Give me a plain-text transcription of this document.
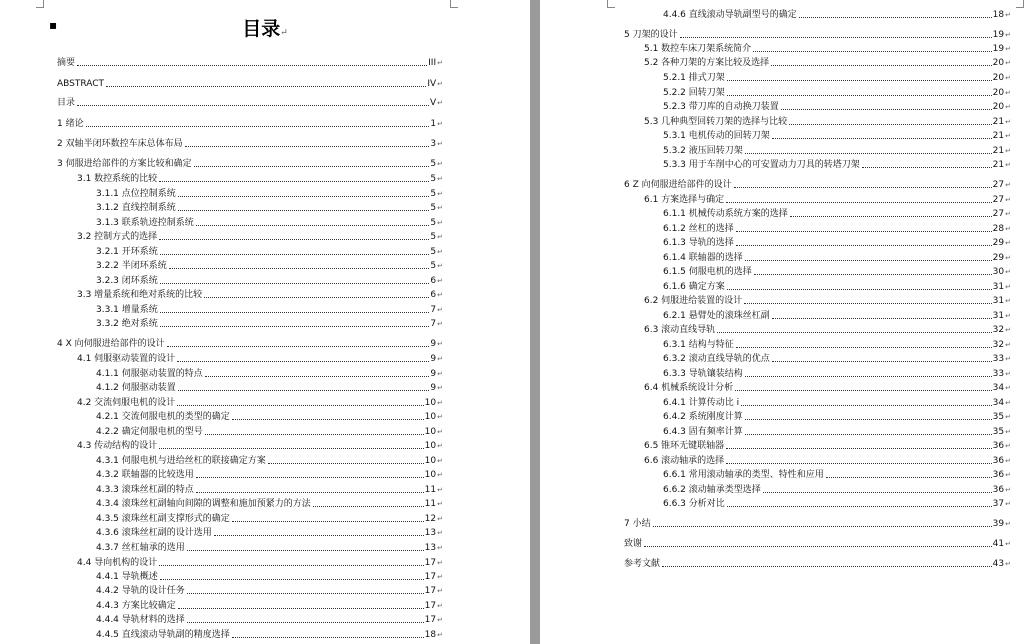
▪	目录↵
摘要	III ↵
ABSTRACT	IV ↵
目录	V ↵
1 绪论	1 ↵
2 双轴半闭环数控车床总体布局	3 ↵
3 伺服进给部件的方案比较和确定	5 ↵
3.1 数控系统的比较	5 ↵
3.1.1 点位控制系统	5 ↵
3.1.2 直线控制系统	5 ↵
3.1.3 联系轨迹控制系统	5 ↵
3.2 控制方式的选择	5 ↵
3.2.1 开环系统	5 ↵
3.2.2 半闭环系统	5 ↵
3.2.3 闭环系统	6 ↵
3.3 增量系统和绝对系统的比较	6 ↵
3.3.1 增量系统	7 ↵
3.3.2 绝对系统	7 ↵
4 X 向伺服进给部件的设计	9 ↵
4.1 伺服驱动装置的设计	9 ↵
4.1.1 伺服驱动装置的特点	9 ↵
4.1.2 伺服驱动装置	9 ↵
4.2 交流伺服电机的设计	10 ↵
4.2.1 交流伺服电机的类型的确定	10 ↵
4.2.2 确定伺服电机的型号	10 ↵
4.3 传动结构的设计	10 ↵
4.3.1 伺服电机与进给丝杠的联接确定方案	10 ↵
4.3.2 联轴器的比较选用	10 ↵
4.3.3 滚珠丝杠副的特点	11 ↵
4.3.4 滚珠丝杠副轴向间隙的调整和施加预紧力的方法	11 ↵
4.3.5 滚珠丝杠副支撑形式的确定	12 ↵
4.3.6 滚珠丝杠副的设计选用	13 ↵
4.3.7 丝杠轴承的选用	13 ↵
4.4 导向机构的设计	17 ↵
4.4.1 导轨概述	17 ↵
4.4.2 导轨的设计任务	17 ↵
4.4.3 方案比较确定	17 ↵
4.4.4 导轨材料的选择	17 ↵
4.4.5 直线滚动导轨副的精度选择	18 ↵
4.4.6 直线滚动导轨副型号的确定	18 ↵
5 刀架的设计	19 ↵
5.1 数控车床刀架系统简介	19 ↵
5.2 各种刀架的方案比较及选择	20 ↵
5.2.1 排式刀架	20 ↵
5.2.2 回转刀架	20 ↵
5.2.3 带刀库的自动换刀装置	20 ↵
5.3 几种典型回转刀架的选择与比较	21 ↵
5.3.1 电机传动的回转刀架	21 ↵
5.3.2 液压回转刀架	21 ↵
5.3.3 用于车削中心的可安置动力刀具的转塔刀架	21 ↵
6 Z 向伺服进给部件的设计	27 ↵
6.1 方案选择与确定	27 ↵
6.1.1 机械传动系统方案的选择	27 ↵
6.1.2 丝杠的选择	28 ↵
6.1.3 导轨的选择	29 ↵
6.1.4 联轴器的选择	29 ↵
6.1.5 伺服电机的选择	30 ↵
6.1.6 确定方案	31 ↵
6.2 伺服进给装置的设计	31 ↵
6.2.1 悬臂处的滚珠丝杠副	31 ↵
6.3 滚动直线导轨	32 ↵
6.3.1 结构与特征	32 ↵
6.3.2 滚动直线导轨的优点	33 ↵
6.3.3 导轨镶装结构	33 ↵
6.4 机械系统设计分析	34 ↵
6.4.1 计算传动比 i	34 ↵
6.4.2 系统刚度计算	35 ↵
6.4.3 固有频率计算	35 ↵
6.5 锥环无键联轴器	36 ↵
6.6 滚动轴承的选择	36 ↵
6.6.1 常用滚动轴承的类型、特性和应用	36 ↵
6.6.2 滚动轴承类型选择	36 ↵
6.6.3 分析对比	37 ↵
7 小结	39 ↵
致谢	41 ↵
参考文献	43 ↵
